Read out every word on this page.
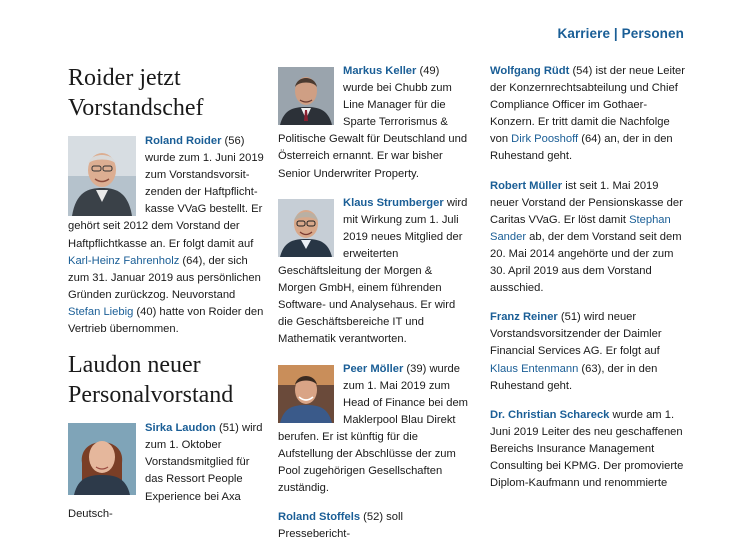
Karriere | Personen
Roider jetzt
Vorstandschef

Roland Roider (56) wurde zum 1. Juni 2019 zum Vorstandsvorsit-zenden der Haftpflicht-kasse VVaG bestellt. Er gehört seit 2012 dem Vorstand der Haftpflichtkasse an. Er folgt damit auf Karl-Heinz Fahrenholz (64), der sich zum 31. Januar 2019 aus persönlichen Gründen zurückzog. Neuvorstand Stefan Liebig (40) hatte von Roider den Vertrieb übernommen.

Laudon neuer
Personalvorstand

Sirka Laudon (51) wird zum 1. Oktober Vorstandsmitglied für das Ressort People Experience bei Axa Deutsch-

Markus Keller (49) wurde bei Chubb zum Line Manager für die Sparte Terrorismus & Politische Gewalt für Deutschland und Österreich ernannt. Er war bisher Senior Underwriter Property.

Klaus Strumberger wird mit Wirkung zum 1. Juli 2019 neues Mitglied der erweiterten Geschäftsleitung der Morgen & Morgen GmbH, einem führenden Software- und Analysehaus. Er wird die Geschäftsbereiche IT und Mathematik verantworten.

Peer Möller (39) wurde zum 1. Mai 2019 zum Head of Finance bei dem Maklerpool Blau Direkt berufen. Er ist künftig für die Aufstellung der Abschlüsse der zum Pool zugehörigen Gesellschaften zuständig.

Roland Stoffels (52) soll Pressebericht-

Wolfgang Rüdt (54) ist der neue Leiter der Konzernrechtsabteilung und Chief Compliance Officer im Gothaer-Konzern. Er tritt damit die Nachfolge von Dirk Pooshoff (64) an, der in den Ruhestand geht.

Robert Müller ist seit 1. Mai 2019 neuer Vorstand der Pensionskasse der Caritas VVaG. Er löst damit Stephan Sander ab, der dem Vorstand seit dem 20. Mai 2014 angehörte und der zum 30. April 2019 aus dem Vorstand ausschied.

Franz Reiner (51) wird neuer Vorstandsvorsitzender der Daimler Financial Services AG. Er folgt auf Klaus Entenmann (63), der in den Ruhestand geht.

Dr. Christian Schareck wurde am 1. Juni 2019 Leiter des neu geschaffenen Bereichs Insurance Management Consulting bei KPMG. Der promovierte Diplom-Kaufmann und renommierte
